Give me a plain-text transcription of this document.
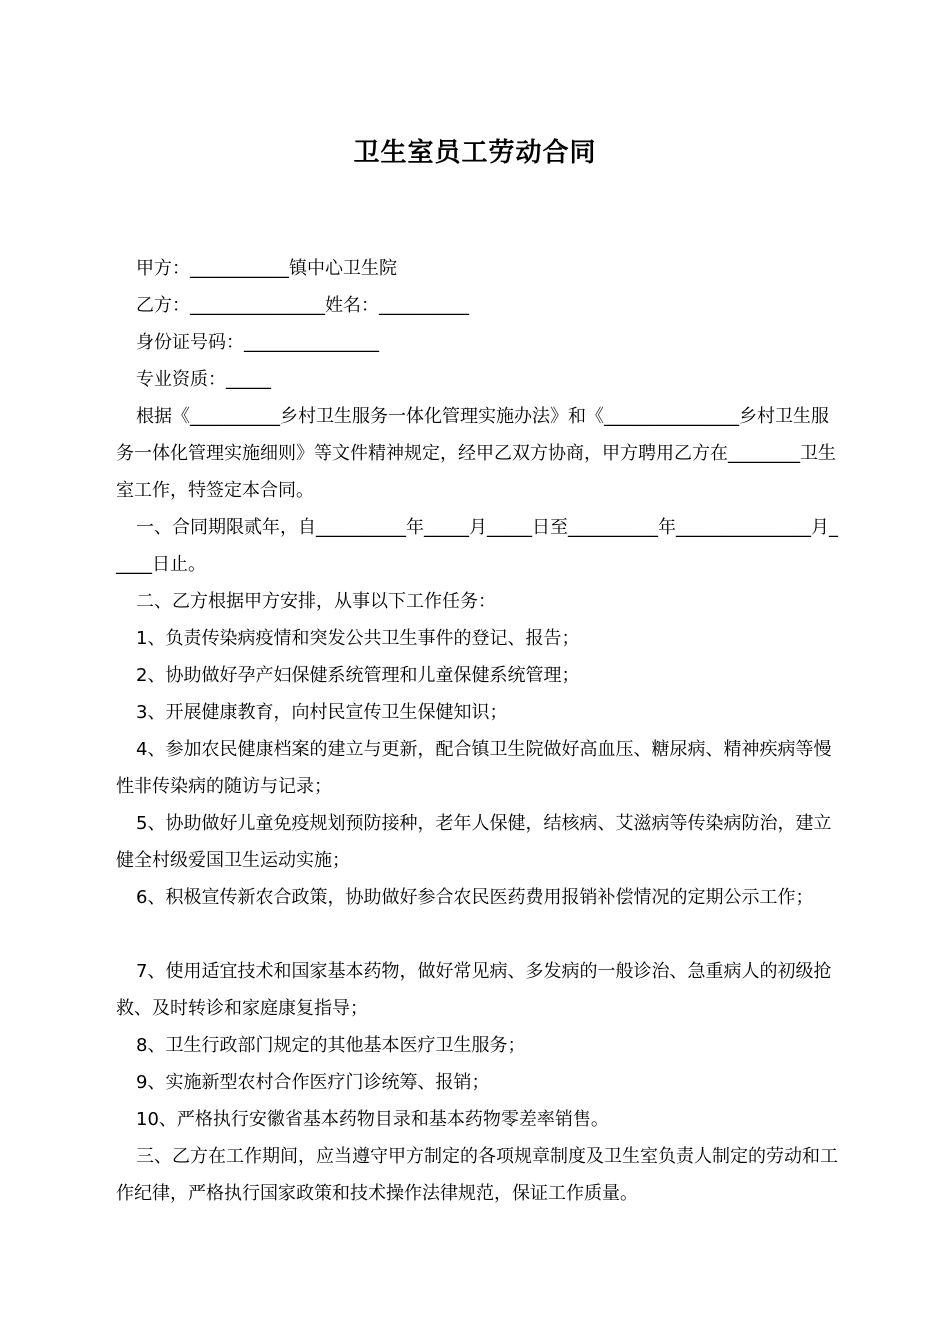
卫生室员工劳动合同

甲方：___________镇中心卫生院

乙方：_______________姓名：__________

身份证号码：_______________

专业资质：_____

根据《__________乡村卫生服务一体化管理实施办法》和《_______________乡村卫生服务一体化管理实施细则》等文件精神规定，经甲乙双方协商，甲方聘用乙方在________卫生室工作，特签定本合同。

一、合同期限贰年，自__________年_____月_____日至__________年_______________月_____日止。

二、乙方根据甲方安排，从事以下工作任务：

1、负责传染病疫情和突发公共卫生事件的登记、报告；

2、协助做好孕产妇保健系统管理和儿童保健系统管理；

3、开展健康教育，向村民宣传卫生保健知识；

4、参加农民健康档案的建立与更新，配合镇卫生院做好高血压、糖尿病、精神疾病等慢性非传染病的随访与记录；

5、协助做好儿童免疫规划预防接种，老年人保健，结核病、艾滋病等传染病防治，建立健全村级爱国卫生运动实施；

6、积极宣传新农合政策，协助做好参合农民医药费用报销补偿情况的定期公示工作；

7、使用适宜技术和国家基本药物，做好常见病、多发病的一般诊治、急重病人的初级抢救、及时转诊和家庭康复指导；

8、卫生行政部门规定的其他基本医疗卫生服务；

9、实施新型农村合作医疗门诊统筹、报销；

10、严格执行安徽省基本药物目录和基本药物零差率销售。

三、乙方在工作期间，应当遵守甲方制定的各项规章制度及卫生室负责人制定的劳动和工作纪律，严格执行国家政策和技术操作法律规范，保证工作质量。
